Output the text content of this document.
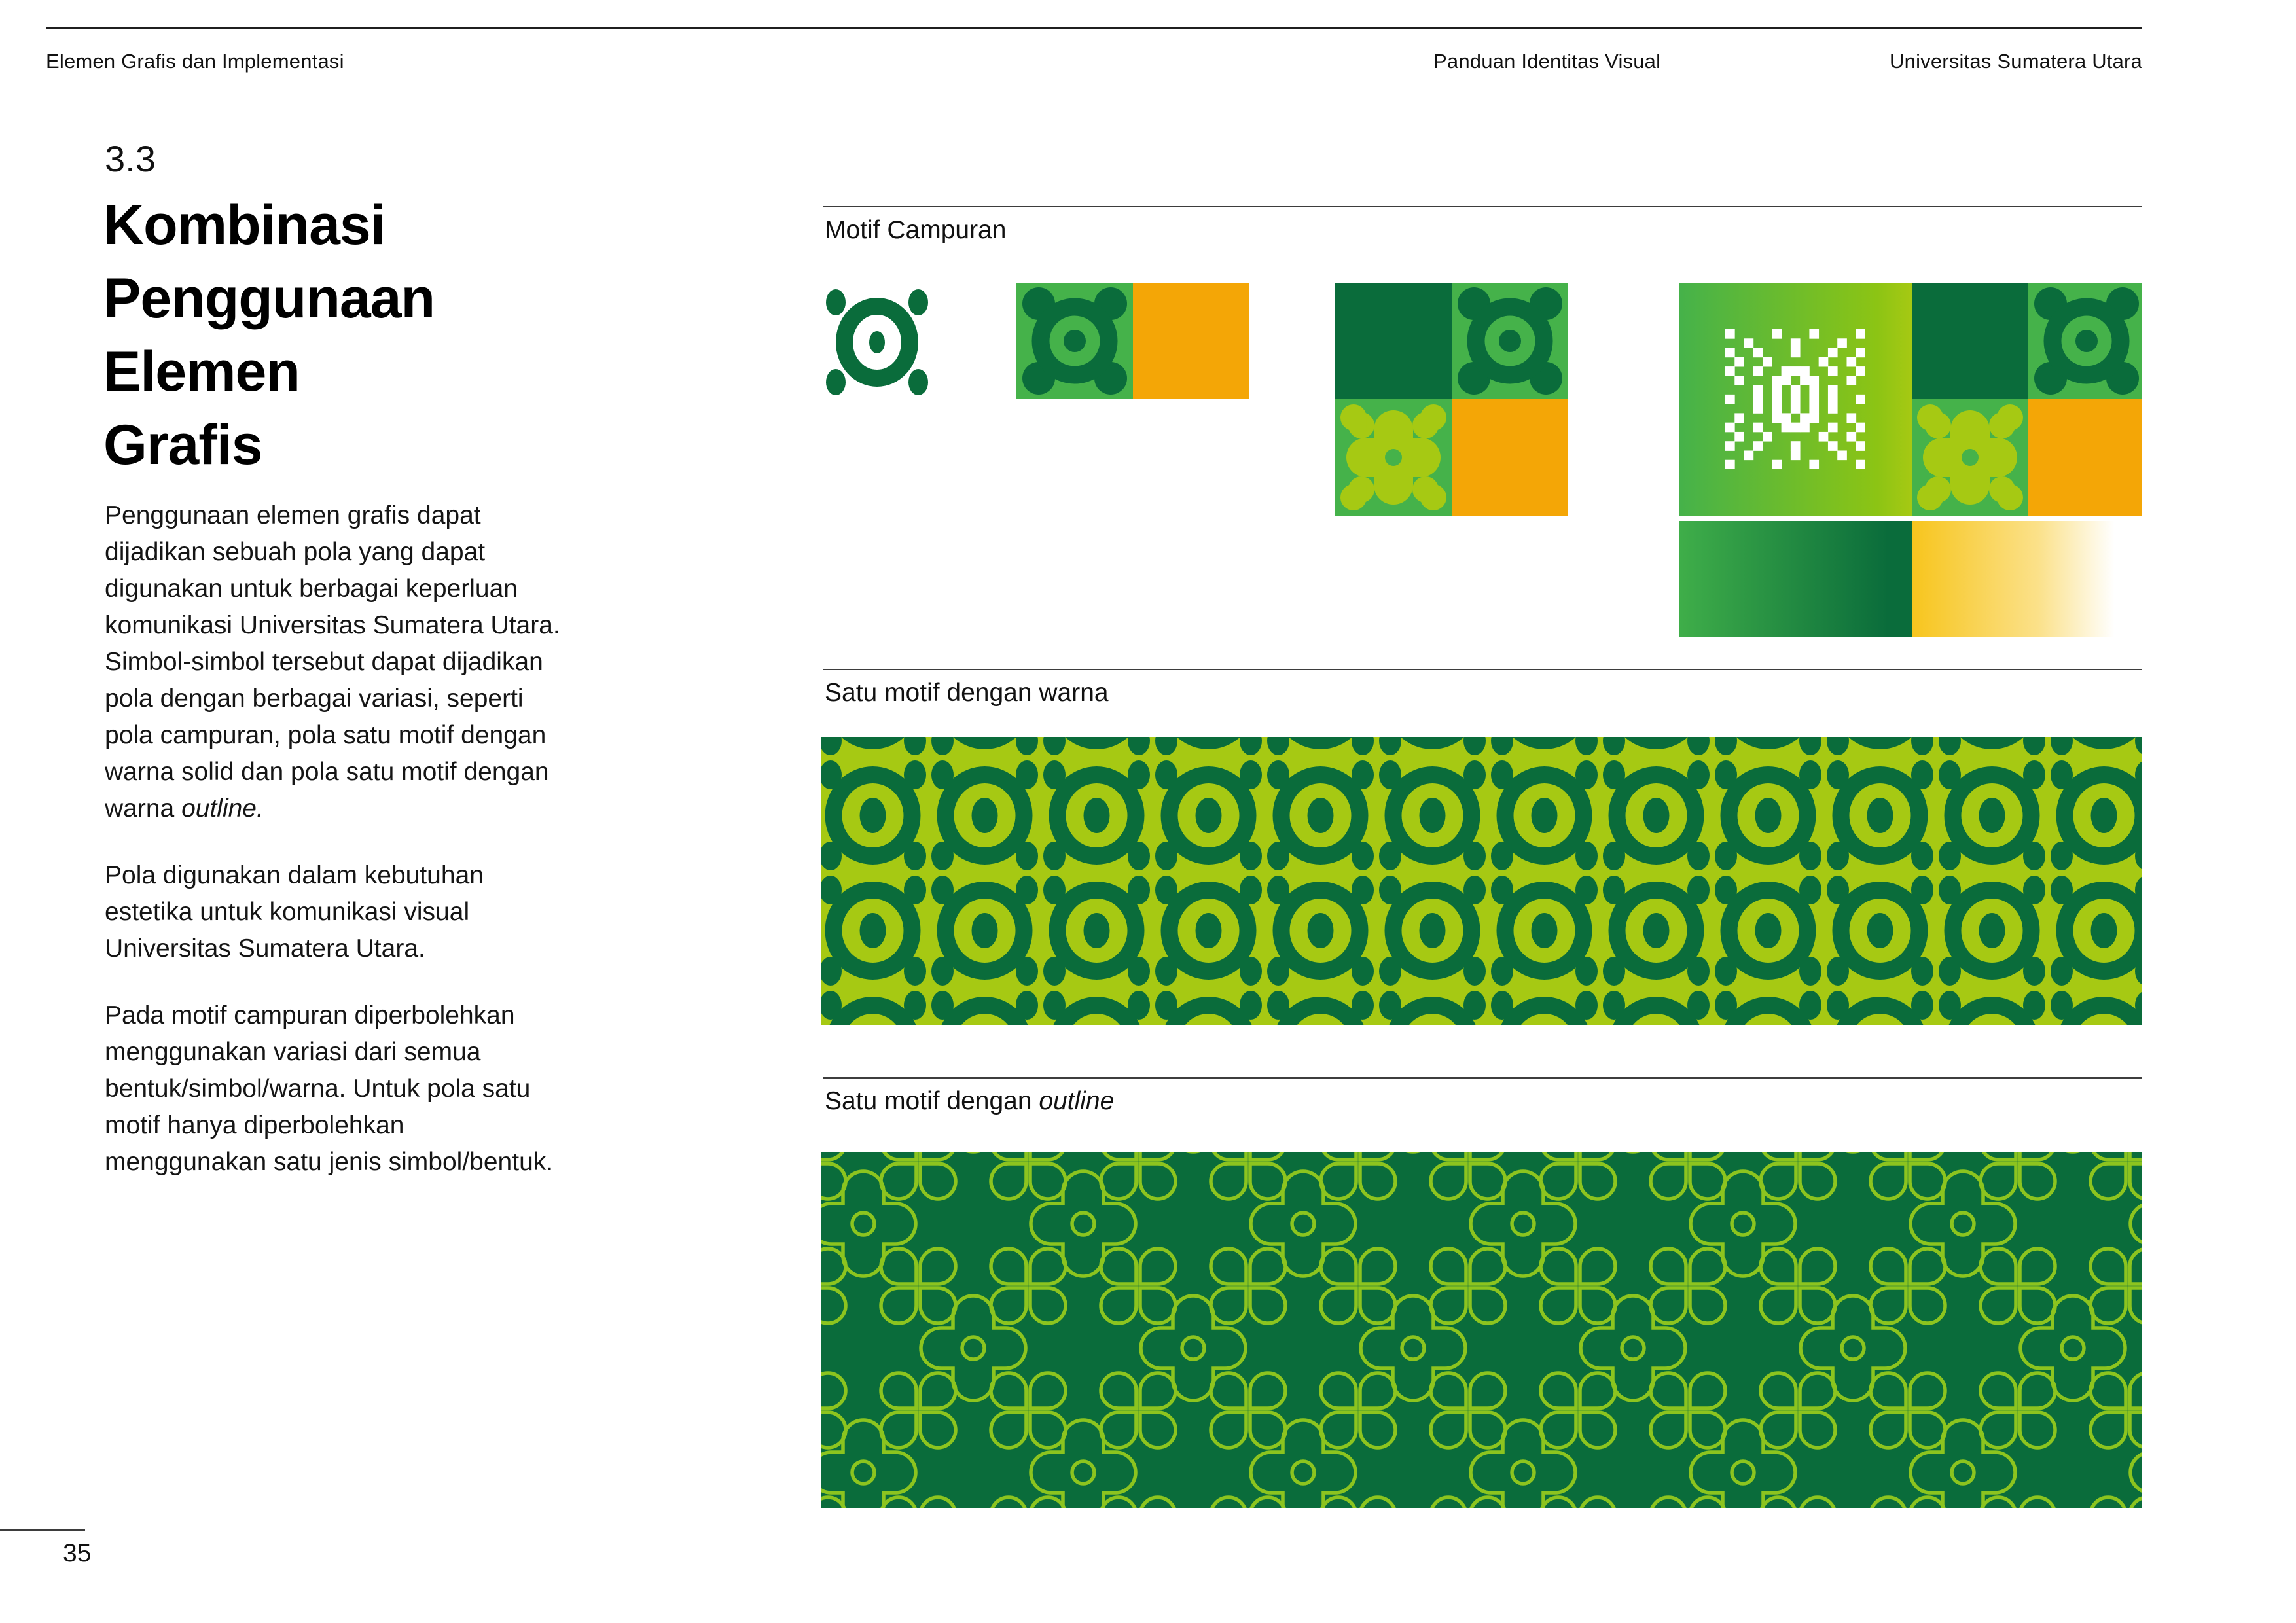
Elemen Grafis dan Implementasi	Panduan Identitas Visual	Universitas Sumatera Utara
3.3
Kombinasi Penggunaan Elemen Grafis

Penggunaan elemen grafis dapat dijadikan sebuah pola yang dapat digunakan untuk berbagai keperluan komunikasi Universitas Sumatera Utara. Simbol-simbol tersebut dapat dijadikan pola dengan berbagai variasi, seperti pola campuran, pola satu motif dengan warna solid dan pola satu motif dengan warna outline.

Pola digunakan dalam kebutuhan estetika untuk komunikasi visual Universitas Sumatera Utara.

Pada motif campuran diperbolehkan menggunakan variasi dari semua bentuk/simbol/warna. Untuk pola satu motif hanya diperbolehkan menggunakan satu jenis simbol/bentuk.

Motif Campuran
Satu motif dengan warna
Satu motif dengan outline
35
